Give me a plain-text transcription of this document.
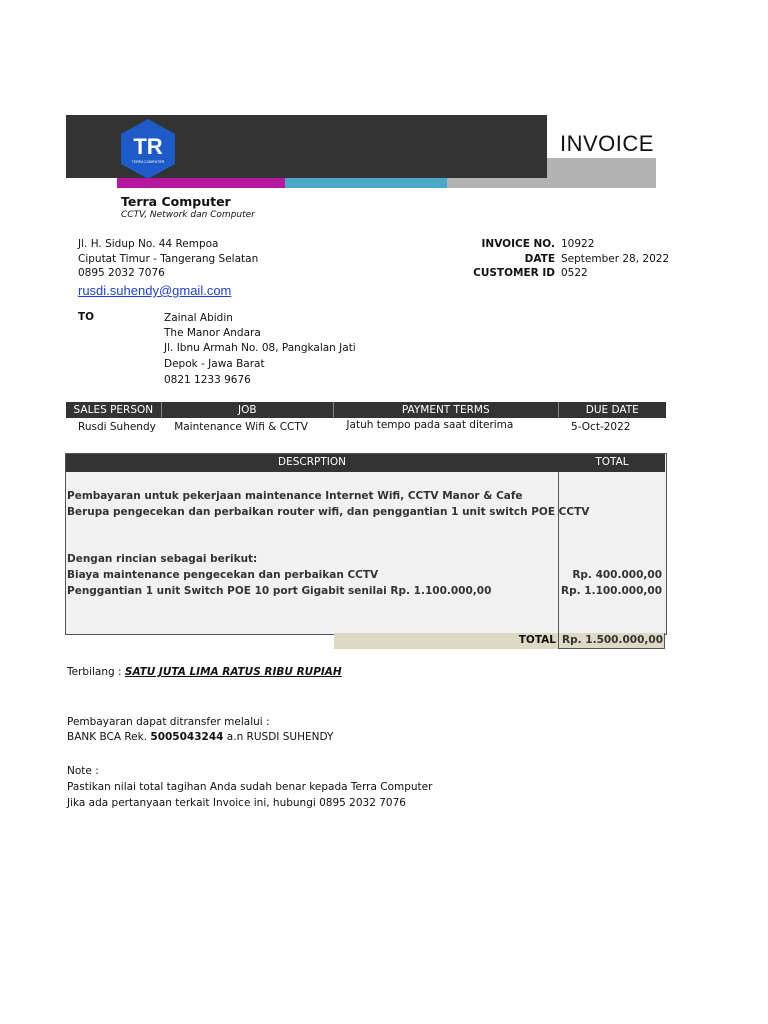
TR
TERRA COMPUTER
INVOICE
Terra Computer
CCTV, Network dan Computer
Jl. H. Sidup No. 44 Rempoa
Ciputat Timur - Tangerang Selatan
0895 2032 7076
rusdi.suhendy@gmail.com
INVOICE NO. 10922
DATE September 28, 2022
CUSTOMER ID 0522
TO	Zainal Abidin
The Manor Andara
Jl. Ibnu Armah No. 08, Pangkalan Jati
Depok - Jawa Barat
0821 1233 9676
SALES PERSON	JOB	PAYMENT TERMS	DUE DATE
Rusdi Suhendy	Maintenance Wifi & CCTV	Jatuh tempo pada saat diterima	5-Oct-2022
DESCRPTION	TOTAL
Pembayaran untuk pekerjaan maintenance Internet Wifi, CCTV Manor & Cafe
Berupa pengecekan dan perbaikan router wifi, dan penggantian 1 unit switch POE CCTV
Dengan rincian sebagai berikut:
Biaya maintenance pengecekan dan perbaikan CCTV	Rp. 400.000,00
Penggantian 1 unit Switch POE 10 port Gigabit senilai Rp. 1.100.000,00	Rp. 1.100.000,00
TOTAL Rp. 1.500.000,00
Terbilang : SATU JUTA LIMA RATUS RIBU RUPIAH
Pembayaran dapat ditransfer melalui :
BANK BCA Rek. 5005043244 a.n RUSDI SUHENDY
Note :
Pastikan nilai total tagihan Anda sudah benar kepada Terra Computer
Jika ada pertanyaan terkait Invoice ini, hubungi 0895 2032 7076
